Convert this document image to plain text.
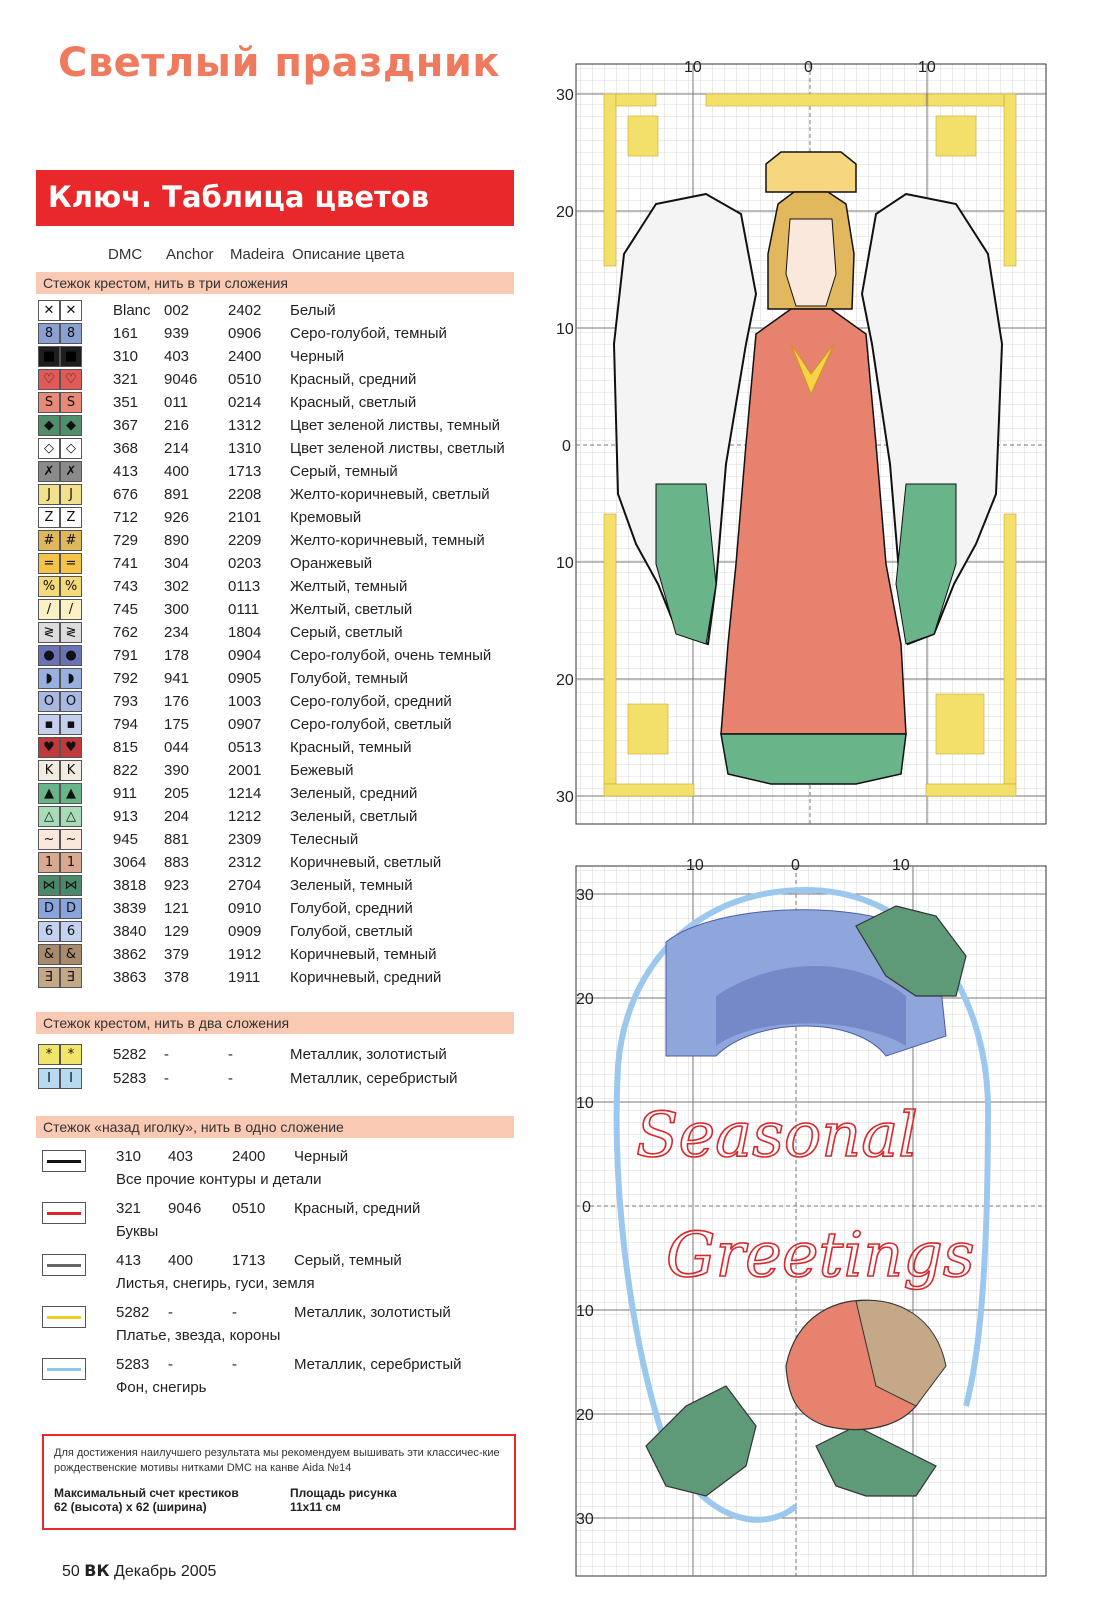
Светлый праздник
Ключ. Таблица цветов
DMC Anchor Madeira Описание цвета
Стежок крестом, нить в три сложения
✕ ✕	Blanc 002	2402 Белый
8	8	161 939	0906 Серо-голубой, темный
■ ■	310 403	2400 Черный
♡ ♡	321 9046 0510 Красный, средний
S	S	351 011	0214 Красный, светлый
◆ ◆	367 216	1312 Цвет зеленой листвы, темный
◇ ◇	368 214	1310 Цвет зеленой листвы, светлый
✗ ✗	413 400	1713 Серый, темный
J	J	676 891	2208 Желто-коричневый, светлый
Z	Z	712 926	2101 Кремовый
# #	729 890	2209 Желто-коричневый, темный
= =	741 304	0203 Оранжевый
% %	743 302	0113 Желтый, темный
/	/	745 300	0111 Желтый, светлый
≷ ≷	762 234	1804 Серый, светлый
● ●	791 178	0904 Серо-голубой, очень темный
◗	◗	792 941	0905 Голубой, темный
O O	793 176	1003 Серо-голубой, средний
▪	▪	794 175	0907 Серо-голубой, светлый
♥ ♥	815 044	0513 Красный, темный
K	K	822 390	2001 Бежевый
▲ ▲	911 205	1214 Зеленый, средний
△ △	913 204	1212 Зеленый, светлый
~ ~	945 881	2309 Телесный
1	1	3064 883	2312 Коричневый, светлый
⋈ ⋈	3818 923	2704 Зеленый, темный
D D	3839 121	0910 Голубой, средний
6	6	3840 129	0909 Голубой, светлый
& &	3862 379	1912 Коричневый, темный
Ǝ	Ǝ	3863 378	1911 Коричневый, средний
Стежок крестом, нить в два сложения
*	*	5282 -	-	Металлик, золотистый
I	I	5283 -	-	Металлик, серебристый
Стежок «назад иголку», нить в одно сложение
310 403	2400 Черный
Все прочие контуры и детали
321 9046 0510 Красный, средний
Буквы
413 400	1713 Серый, темный
Листья, снегирь, гуси, земля
5282 -	-	Металлик, золотистый
Платье, звезда, короны
5283 -	-	Металлик, серебристый
Фон, снегирь
Для достижения наилучшего результата мы рекомендуем вышивать эти классичес-кие рождественские мотивы нитками DMC на канве Aida №14
Максимальный счет крестиков
62 (высота) x 62 (ширина)
Площадь рисунка
11x11 см
50 ВК Декабрь 2005
10	0	10
30
20
10
0
10
20
30
Seasonal
Greetings
10	0	10
30
20
10
0
10
20
30
